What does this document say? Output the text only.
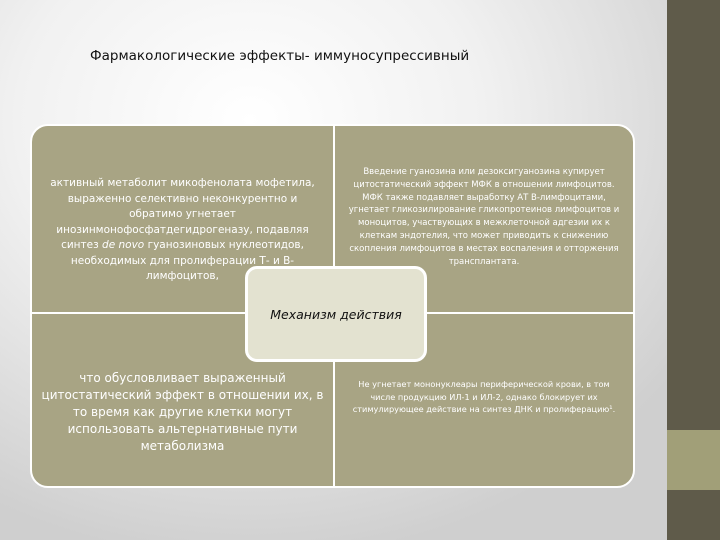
Фармакологические эффекты- иммуносупрессивный
активный метаболит микофенолата мофетила, выраженно селективно неконкурентно и обратимо угнетает инозинмонофосфатдегидрогеназу, подавляя синтез de novo гуанозиновых нуклеотидов, необходимых для пролиферации Т- и В-лимфоцитов,
Введение гуанозина или дезоксигуанозина купирует цитостатический эффект МФК в отношении лимфоцитов. МФК также подавляет выработку АТ В-лимфоцитами, угнетает гликозилирование гликопротеинов лимфоцитов и моноцитов, участвующих в межклеточной адгезии их к клеткам эндотелия, что может приводить к снижению скопления лимфоцитов в местах воспаления и отторжения трансплантата.
что обусловливает выраженный цитостатический эффект в отношении их, в то время как другие клетки могут использовать альтернативные пути метаболизма
Не угнетает мононуклеары периферической крови, в том числе продукцию ИЛ-1 и ИЛ-2, однако блокирует их стимулирующее действие на синтез ДНК и пролиферацию¹.
Механизм действия
